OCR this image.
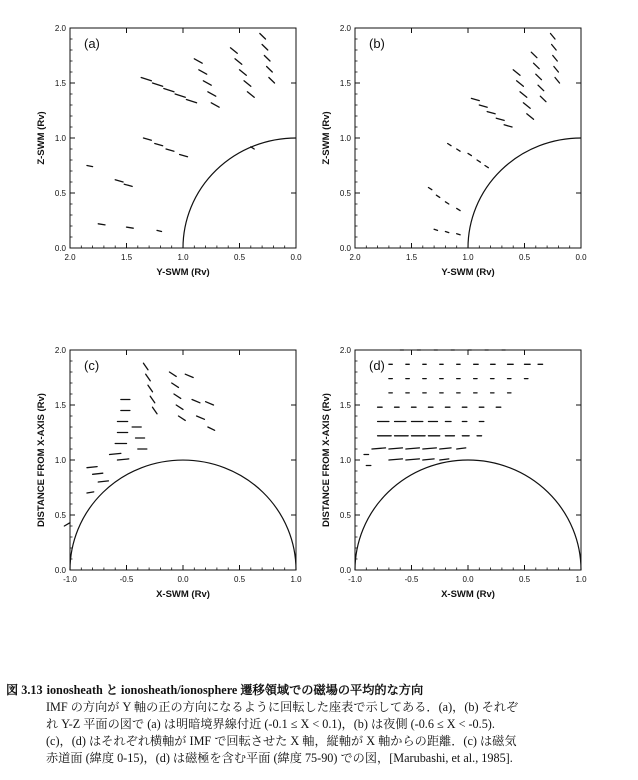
2.0	1.5	1.0	0.5	0.0
0.0
0.5
1.0
1.5
2.0
Y-SWM (Rv)
Z-SWM (Rv)
(a)
2.0	1.5	1.0	0.5	0.0
0.0
0.5
1.0
1.5
2.0
Y-SWM (Rv)
Z-SWM (Rv)
(b)
-1.0	-0.5	0.0	0.5	1.0
0.0
0.5
1.0
1.5
2.0
X-SWM (Rv)
DISTANCE FROM X-AXIS (Rv)
(c)
-1.0	-0.5	0.0	0.5	1.0
0.0
0.5
1.0
1.5
2.0
X-SWM (Rv)
DISTANCE FROM X-AXIS (Rv)
(d)
図 3.13 ionosheath と ionosheath/ionosphere 遷移領域での磁場の平均的な方向
IMF の方向が Y 軸の正の方向になるように回転した座表で示してある．(a)，(b) それぞ
れ Y-Z 平面の図で (a) は明暗境界線付近 (-0.1 ≤ X < 0.1)，(b) は夜側 (-0.6 ≤ X < -0.5).
(c)，(d) はそれぞれ横軸が IMF で回転させた X 軸，縦軸が X 軸からの距離．(c) は磁気
赤道面 (緯度 0-15)，(d) は磁極を含む平面 (緯度 75-90) での図，[Marubashi, et al., 1985].
